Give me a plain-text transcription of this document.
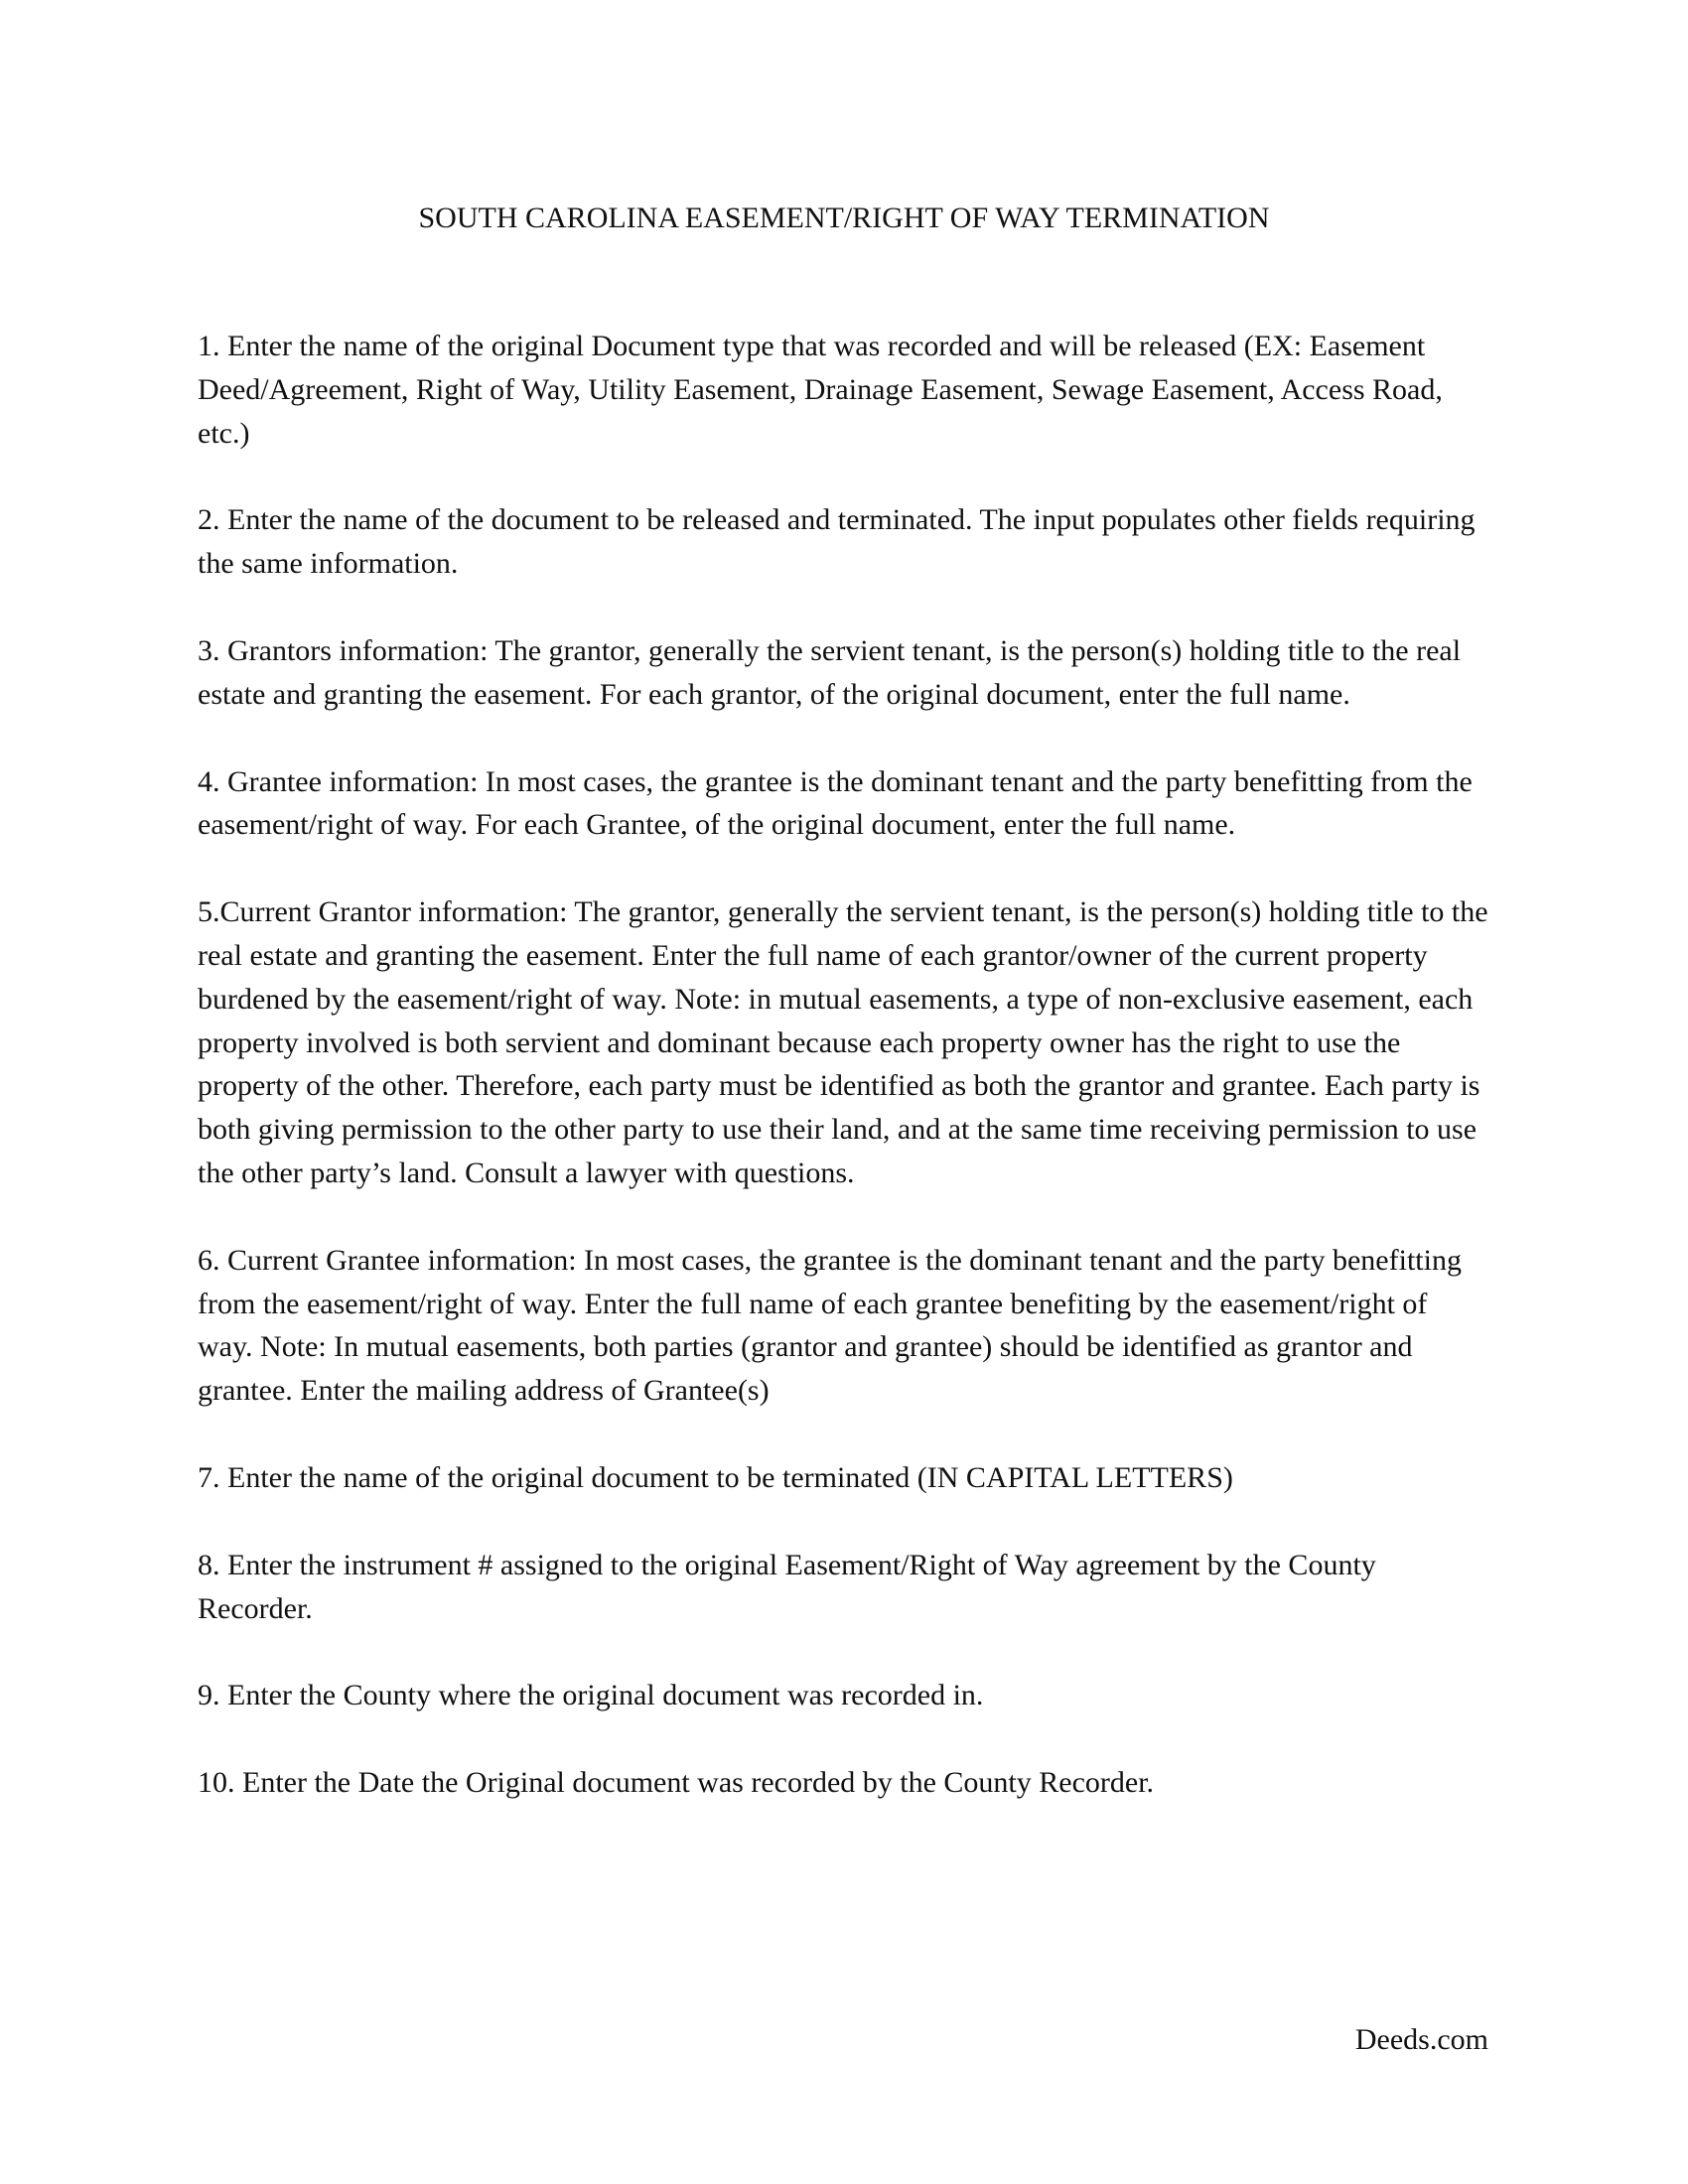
SOUTH CAROLINA EASEMENT/RIGHT OF WAY TERMINATION

1. Enter the name of the original Document type that was recorded and will be released (EX: Easement Deed/Agreement, Right of Way, Utility Easement, Drainage Easement, Sewage Easement, Access Road, etc.)

2. Enter the name of the document to be released and terminated. The input populates other fields requiring the same information.

3. Grantors information: The grantor, generally the servient tenant, is the person(s) holding title to the real estate and granting the easement. For each grantor, of the original document, enter the full name.

4. Grantee information: In most cases, the grantee is the dominant tenant and the party benefitting from the easement/right of way. For each Grantee, of the original document, enter the full name.

5.Current Grantor information: The grantor, generally the servient tenant, is the person(s) holding title to the real estate and granting the easement. Enter the full name of each grantor/owner of the current property burdened by the easement/right of way. Note: in mutual easements, a type of non-exclusive easement, each property involved is both servient and dominant because each property owner has the right to use the property of the other. Therefore, each party must be identified as both the grantor and grantee. Each party is both giving permission to the other party to use their land, and at the same time receiving permission to use the other party’s land. Consult a lawyer with questions.

6. Current Grantee information: In most cases, the grantee is the dominant tenant and the party benefitting from the easement/right of way. Enter the full name of each grantee benefiting by the easement/right of way. Note: In mutual easements, both parties (grantor and grantee) should be identified as grantor and grantee. Enter the mailing address of Grantee(s)

7. Enter the name of the original document to be terminated (IN CAPITAL LETTERS)

8. Enter the instrument # assigned to the original Easement/Right of Way agreement by the County Recorder.

9. Enter the County where the original document was recorded in.

10. Enter the Date the Original document was recorded by the County Recorder.

Deeds.com
